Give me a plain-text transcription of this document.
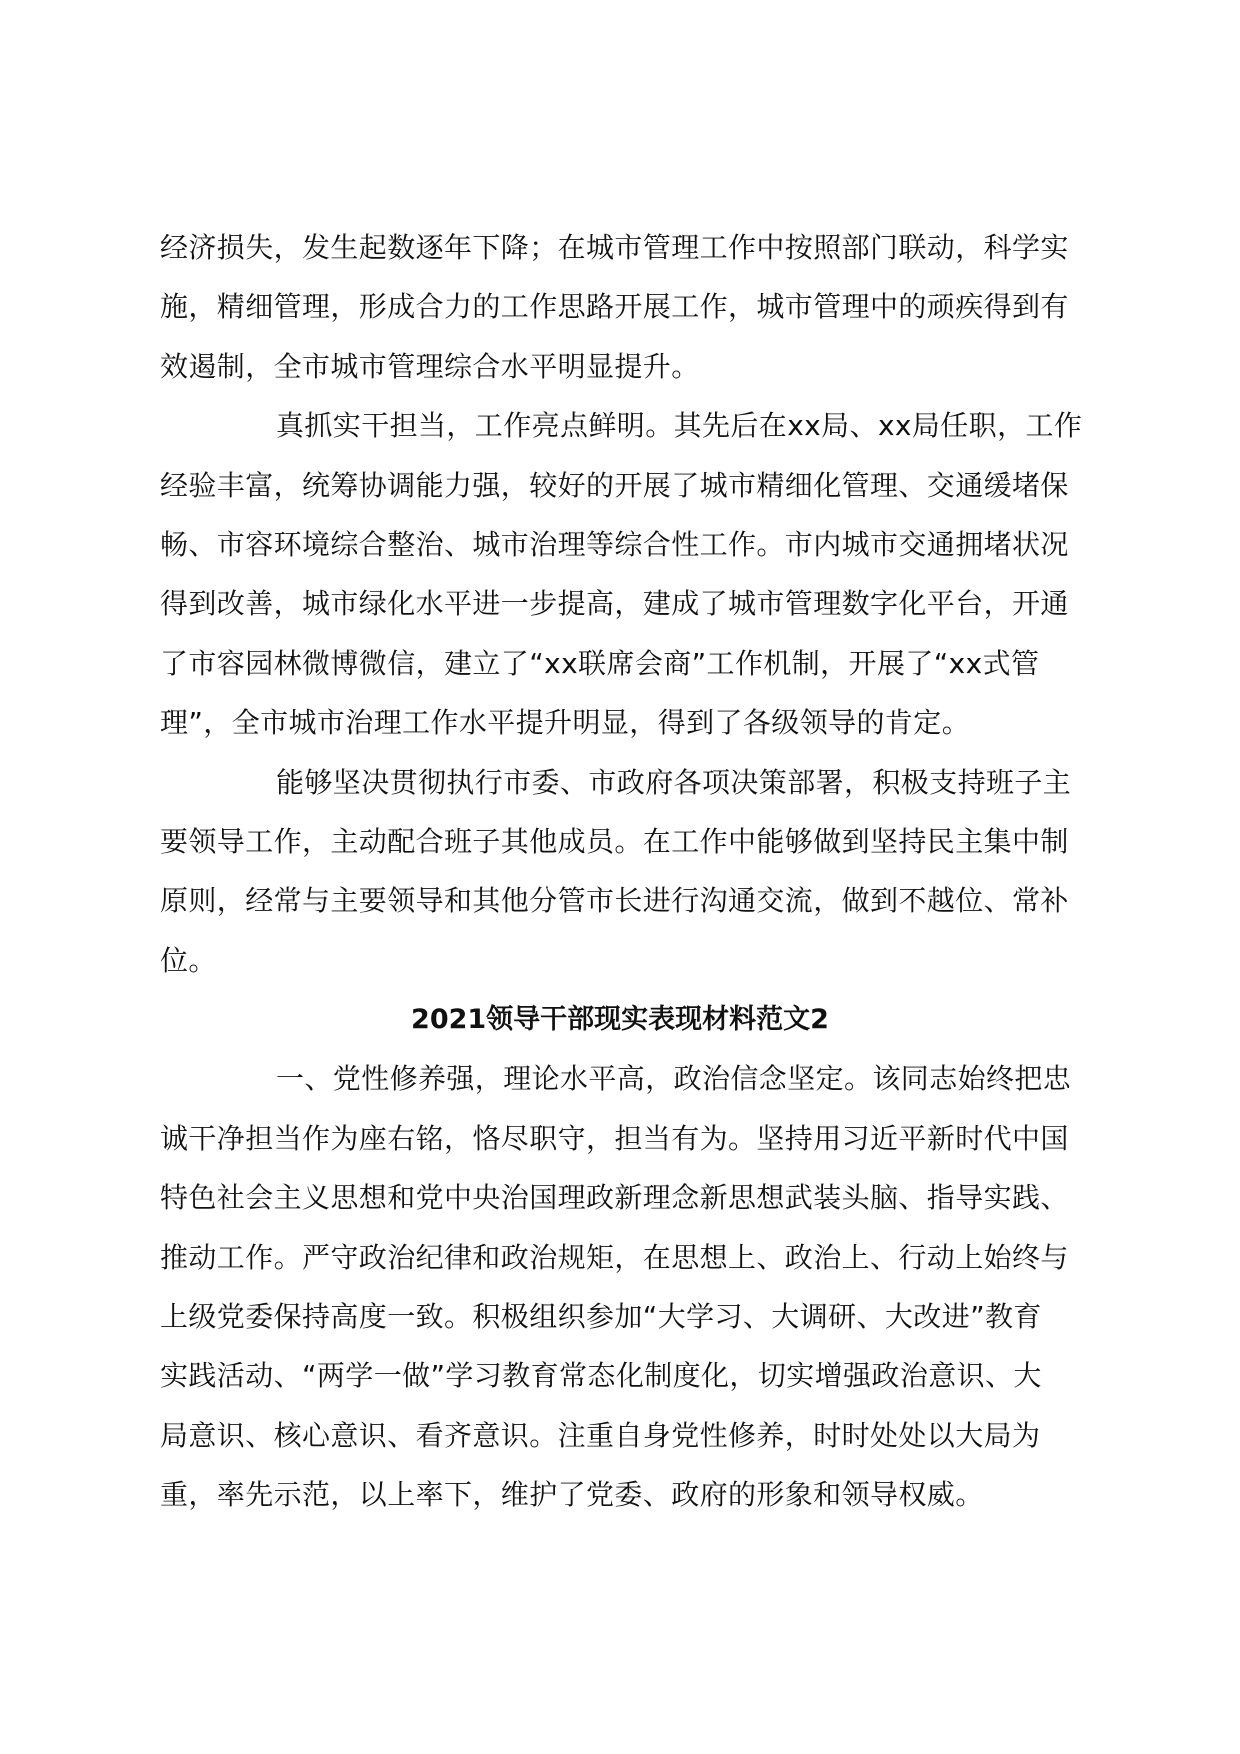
经济损失，发生起数逐年下降；在城市管理工作中按照部门联动，科学实
施，精细管理，形成合力的工作思路开展工作，城市管理中的顽疾得到有
效遏制，全市城市管理综合水平明显提升。
真抓实干担当，工作亮点鲜明。其先后在xx局、xx局任职，工作
经验丰富，统筹协调能力强，较好的开展了城市精细化管理、交通缓堵保
畅、市容环境综合整治、城市治理等综合性工作。市内城市交通拥堵状况
得到改善，城市绿化水平进一步提高，建成了城市管理数字化平台，开通
了市容园林微博微信，建立了“xx联席会商”工作机制，开展了“xx式管
理”，全市城市治理工作水平提升明显，得到了各级领导的肯定。
能够坚决贯彻执行市委、市政府各项决策部署，积极支持班子主
要领导工作，主动配合班子其他成员。在工作中能够做到坚持民主集中制
原则，经常与主要领导和其他分管市长进行沟通交流，做到不越位、常补
位。
2021领导干部现实表现材料范文2
一、党性修养强，理论水平高，政治信念坚定。该同志始终把忠
诚干净担当作为座右铭，恪尽职守，担当有为。坚持用习近平新时代中国
特色社会主义思想和党中央治国理政新理念新思想武装头脑、指导实践、
推动工作。严守政治纪律和政治规矩，在思想上、政治上、行动上始终与
上级党委保持高度一致。积极组织参加“大学习、大调研、大改进”教育
实践活动、“两学一做”学习教育常态化制度化，切实增强政治意识、大
局意识、核心意识、看齐意识。注重自身党性修养，时时处处以大局为
重，率先示范，以上率下，维护了党委、政府的形象和领导权威。
